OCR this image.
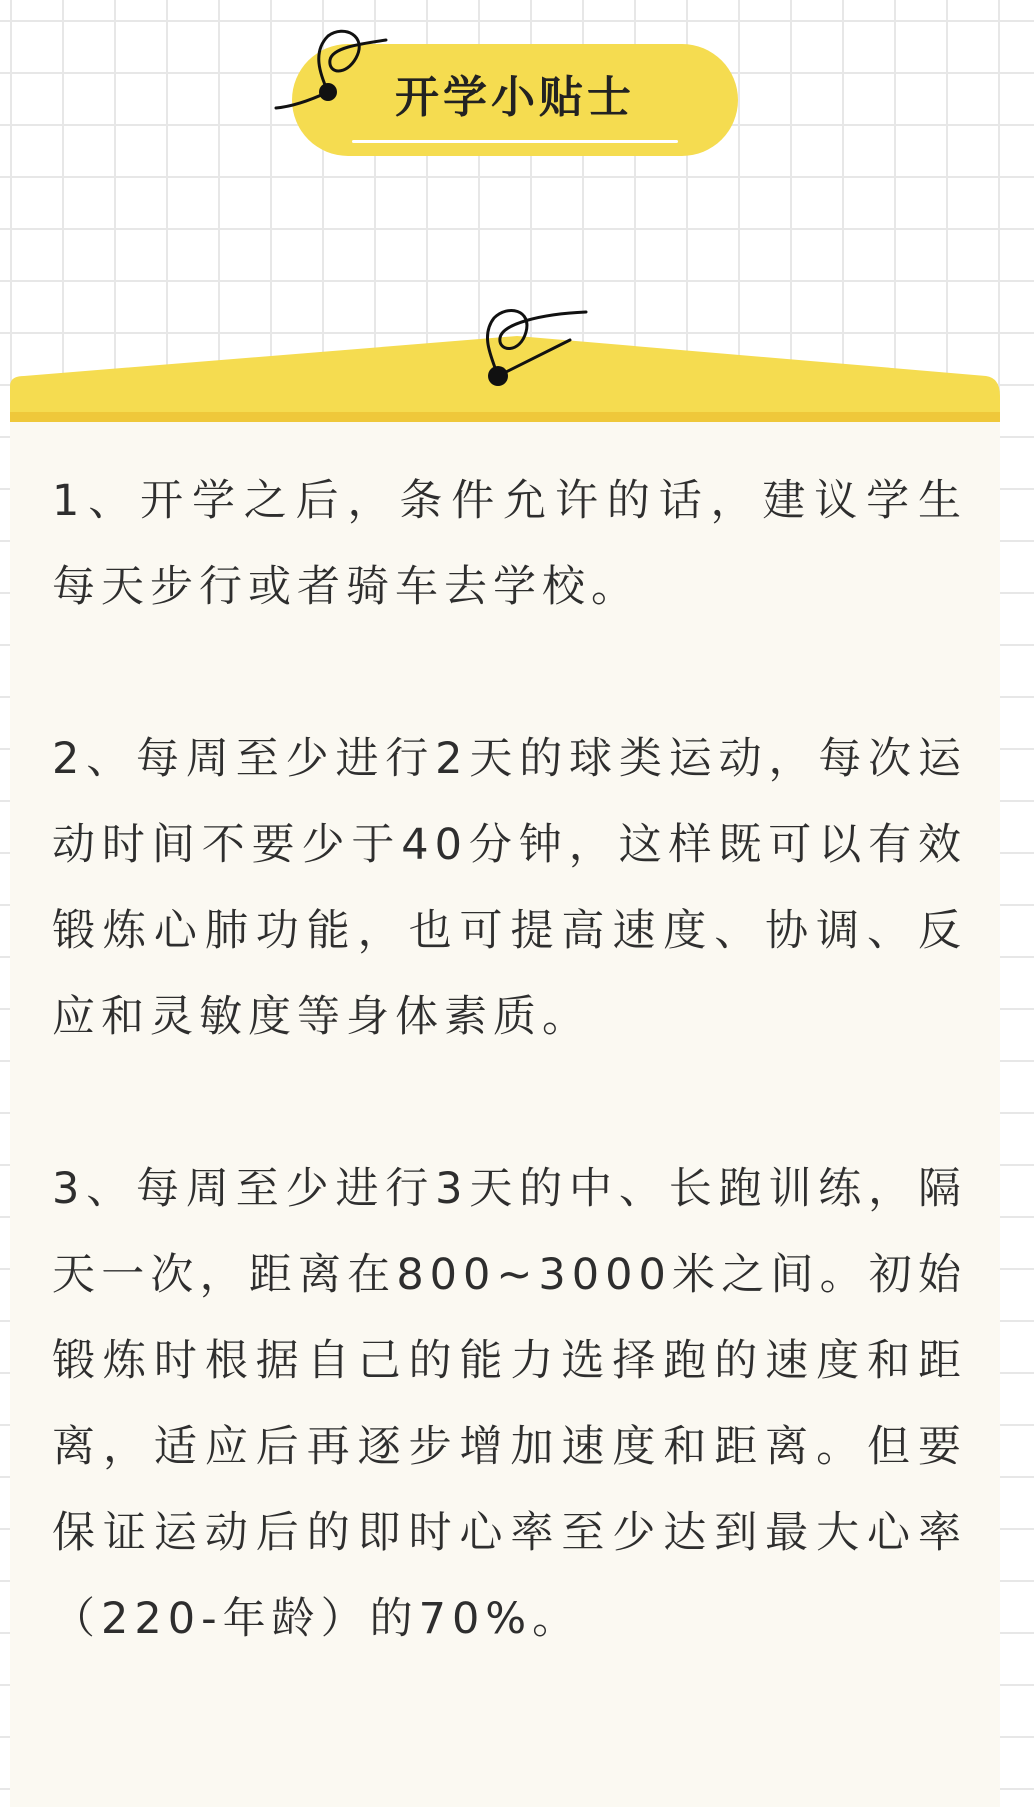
开学小贴士

1、开学之后，条件允许的话，建议学生每天步行或者骑车去学校。

2、每周至少进行2天的球类运动，每次运动时间不要少于40分钟，这样既可以有效锻炼心肺功能，也可提高速度、协调、反应和灵敏度等身体素质。

3、每周至少进行3天的中、长跑训练，隔天一次，距离在800~3000米之间。初始锻炼时根据自己的能力选择跑的速度和距离，适应后再逐步增加速度和距离。但要保证运动后的即时心率至少达到最大心率（220-年龄）的70%。
